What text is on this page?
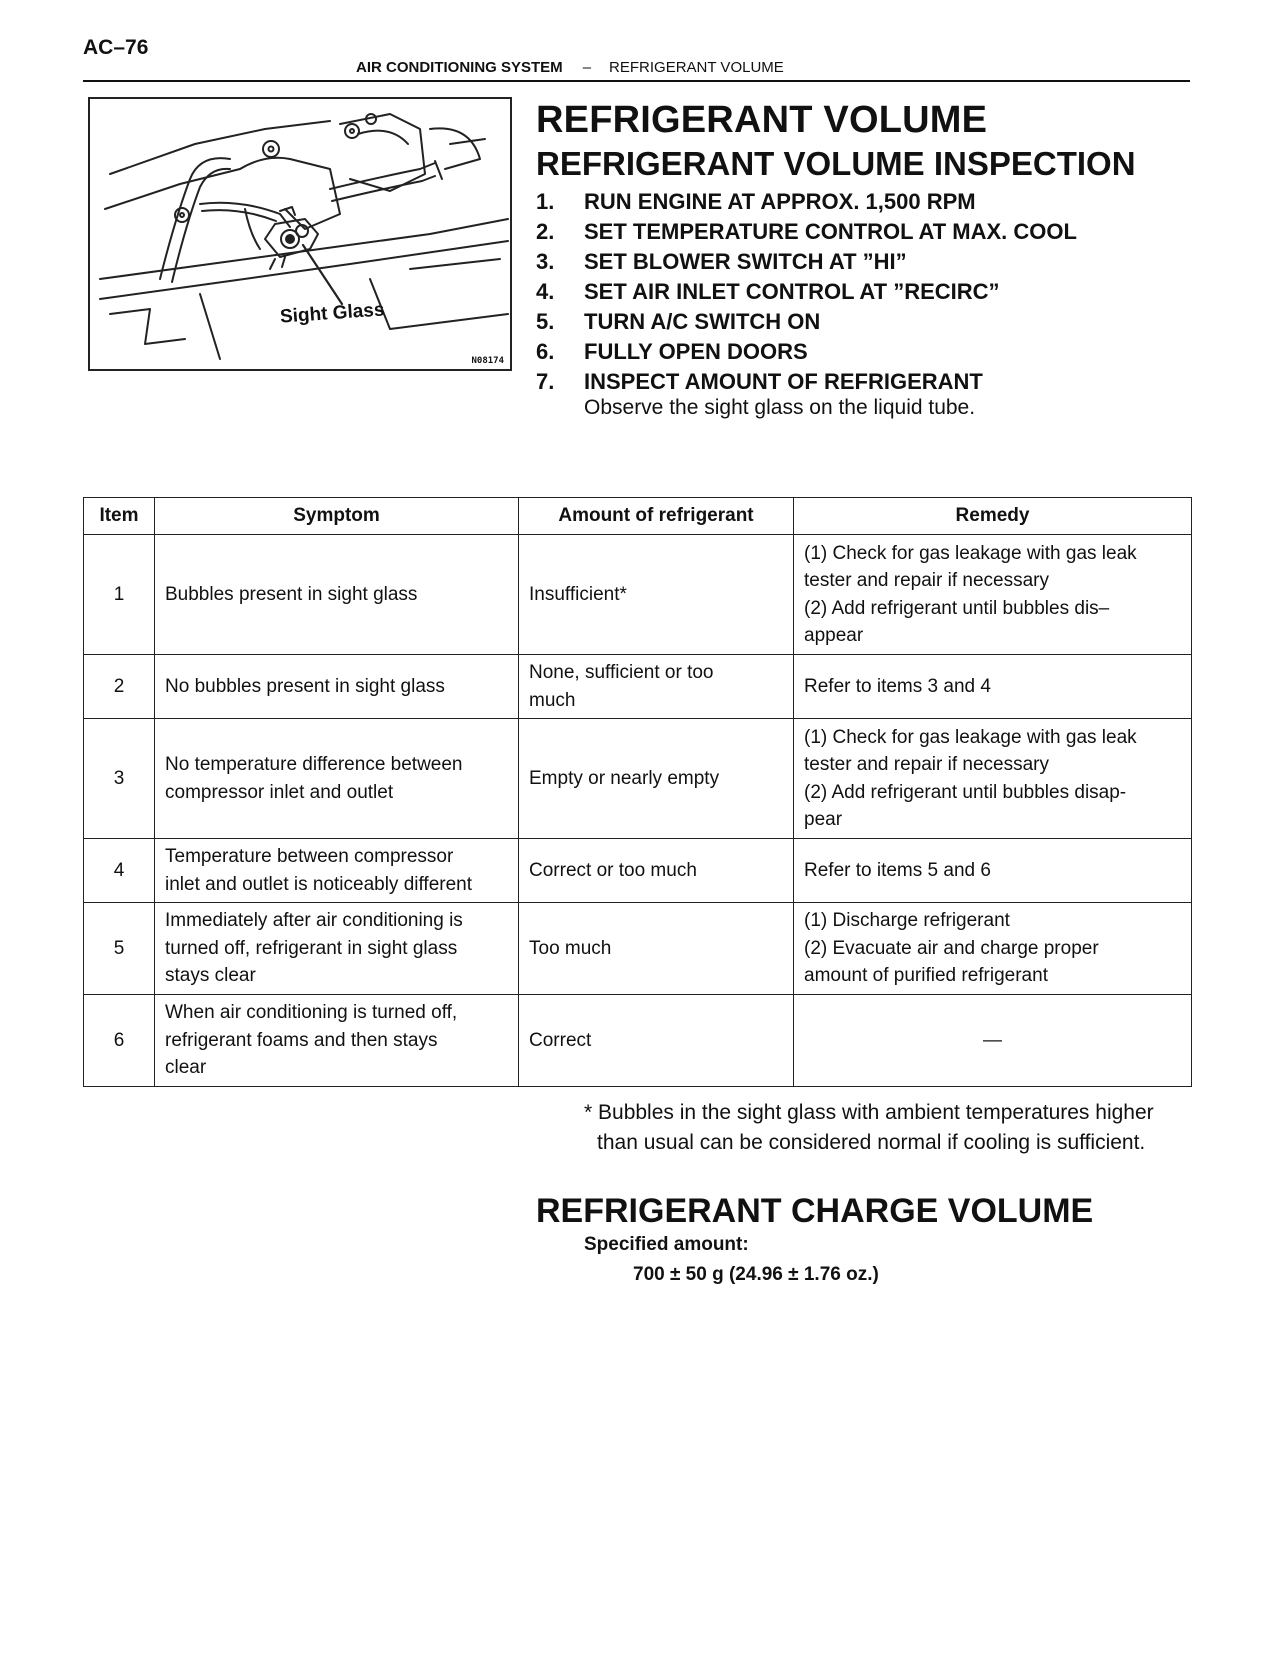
AC–76
AIR CONDITIONING SYSTEM – REFRIGERANT VOLUME
Sight Glass
N08174
REFRIGERANT VOLUME
REFRIGERANT VOLUME INSPECTION
1. RUN ENGINE AT APPROX. 1,500 RPM
2. SET TEMPERATURE CONTROL AT MAX. COOL
3. SET BLOWER SWITCH AT ”HI”
4. SET AIR INLET CONTROL AT ”RECIRC”
5. TURN A/C SWITCH ON
6. FULLY OPEN DOORS
7. INSPECT AMOUNT OF REFRIGERANT
Observe the sight glass on the liquid tube.
Item	Symptom	Amount of refrigerant	Remedy
1	Bubbles present in sight glass	Insufficient*	(1) Check for gas leakage with gas leak
tester and repair if necessary
(2) Add refrigerant until bubbles dis–
appear
2	No bubbles present in sight glass	None, sufficient or too
much	Refer to items 3 and 4
3	No temperature difference between
compressor inlet and outlet	Empty or nearly empty	(1) Check for gas leakage with gas leak
tester and repair if necessary
(2) Add refrigerant until bubbles disap-
pear
4	Temperature between compressor
inlet and outlet is noticeably different	Correct or too much	Refer to items 5 and 6
5	Immediately after air conditioning is
turned off, refrigerant in sight glass
stays clear	Too much	(1) Discharge refrigerant
(2) Evacuate air and charge proper
amount of purified refrigerant
6	When air conditioning is turned off,
refrigerant foams and then stays
clear	Correct	—
* Bubbles in the sight glass with ambient temperatures higher
than usual can be considered normal if cooling is sufficient.
REFRIGERANT CHARGE VOLUME
Specified amount:
700 ± 50 g (24.96 ± 1.76 oz.)
